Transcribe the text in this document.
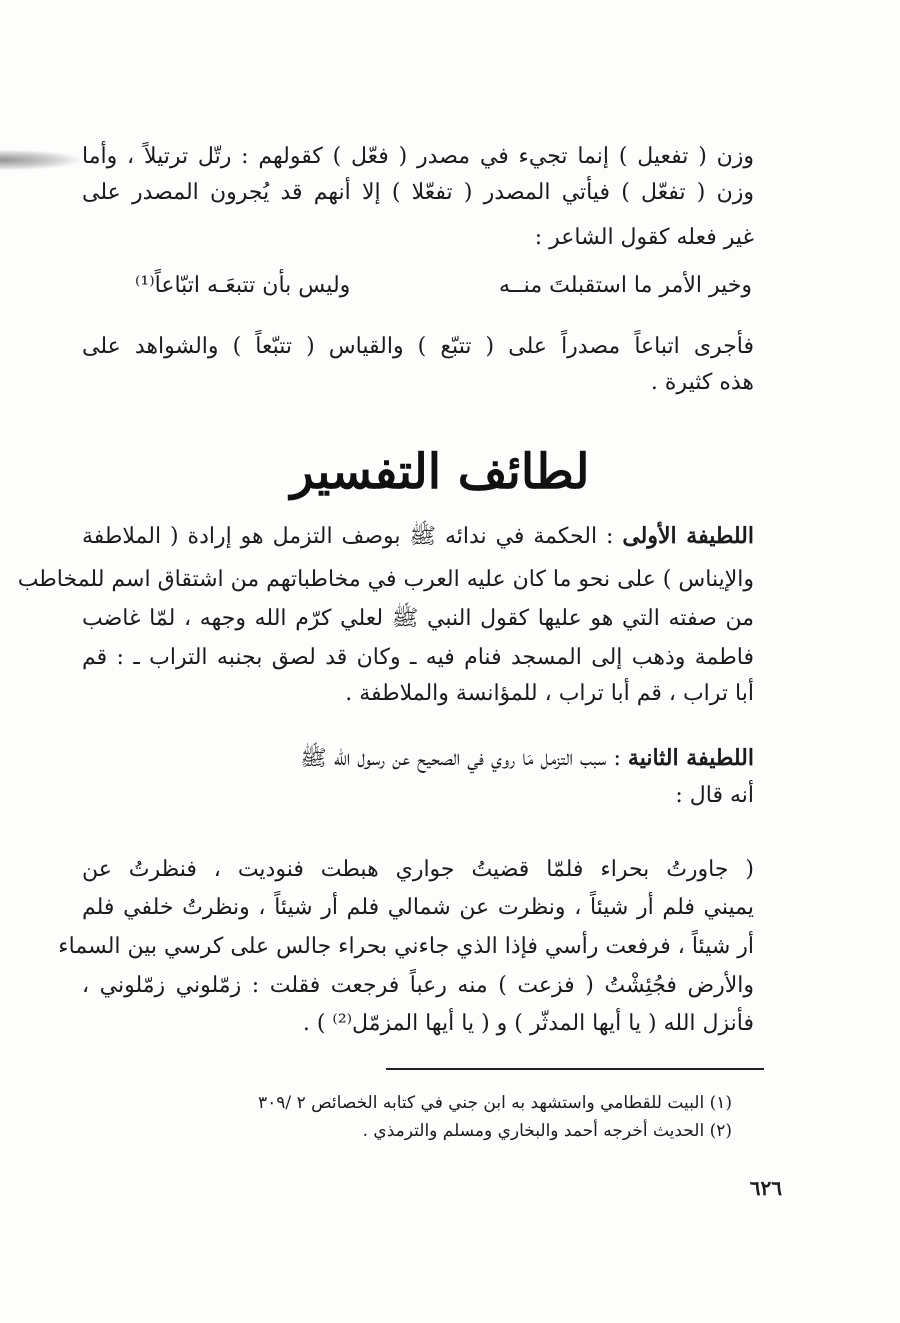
وزن ( تفعيل ) إنما تجيء في مصدر ( فعّل ) كقولهم : رتّل ترتيلاً ، وأما
وزن ( تفعّل ) فيأتي المصدر ( تفعّلا ) إلا أنهم قد يُجرون المصدر على
غير فعله كقول الشاعر :
وخير الأمر ما استقبلتَ منــه
وليس بأن تتبعَـه اتبّاعاً⁽¹⁾
فأجرى اتباعاً مصدراً على ( تتبّع ) والقياس ( تتبّعاً ) والشواهد على
هذه كثيرة .
لطائف التفسير
اللطيفة الأولى : الحكمة في ندائه ﷺ بوصف التزمل هو إرادة ( الملاطفة
والإيناس ) على نحو ما كان عليه العرب في مخاطباتهم من اشتقاق اسم للمخاطب
من صفته التي هو عليها كقول النبي ﷺ لعلي كرّم الله وجهه ، لمّا غاضب
فاطمة وذهب إلى المسجد فنام فيه ـ وكان قد لصق بجنبه التراب ـ : قم
أبا تراب ، قم أبا تراب ، للمؤانسة والملاطفة .
اللطيفة الثانية : سبب التزمل مَا روي في الصحيح عن رسول الله ﷺ
أنه قال :
( جاورتُ بحراء فلمّا قضيتُ جواري هبطت فنوديت ، فنظرتُ عن
يميني فلم أر شيئاً ، ونظرت عن شمالي فلم أر شيئاً ، ونظرتُ خلفي فلم
أر شيئاً ، فرفعت رأسي فإذا الذي جاءني بحراء جالس على كرسي بين السماء
والأرض فجُئِشْتُ ( فزعت ) منه رعباً فرجعت فقلت : زمّلوني زمّلوني ،
فأنزل الله ( يا أيها المدثّر ) و ( يا أيها المزمّل⁽²⁾ ) .
(١) البيت للقطامي واستشهد به ابن جني في كتابه الخصائص ٢ /٣٠٩
(٢) الحديث أخرجه أحمد والبخاري ومسلم والترمذي .
٦٢٦
